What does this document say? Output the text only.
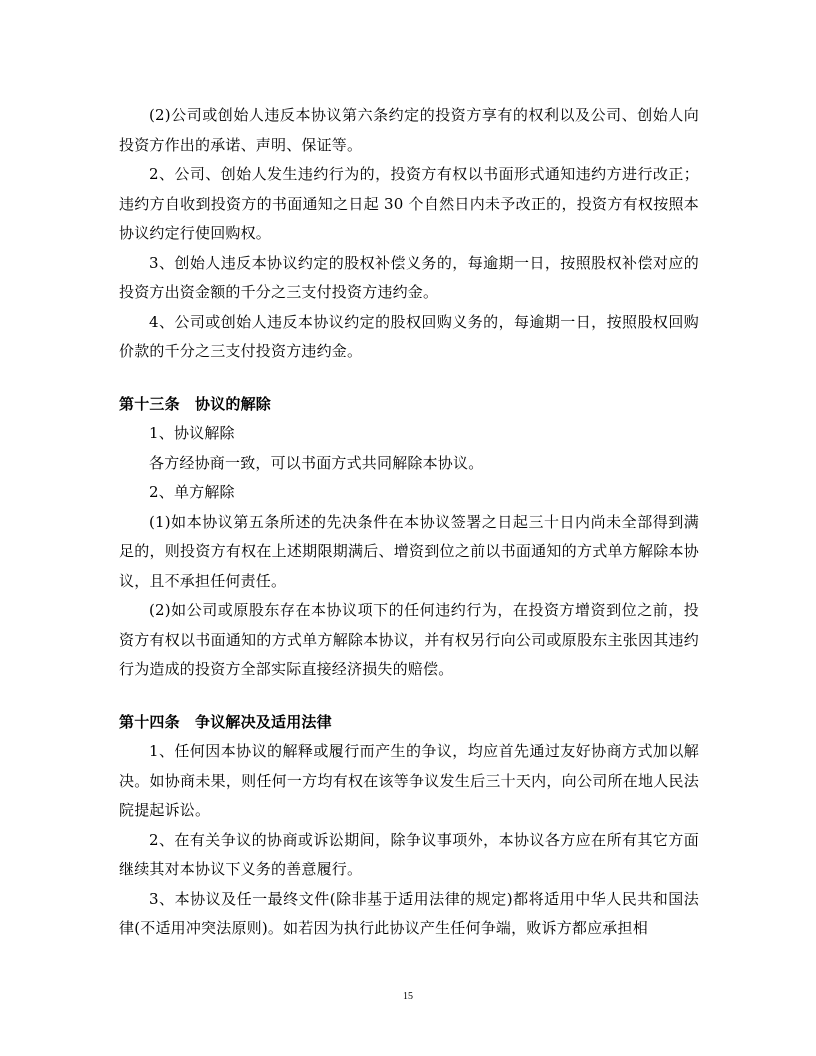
(2)公司或创始人违反本协议第六条约定的投资方享有的权利以及公司、创始人向投资方作出的承诺、声明、保证等。

2、公司、创始人发生违约行为的，投资方有权以书面形式通知违约方进行改正；违约方自收到投资方的书面通知之日起 30 个自然日内未予改正的，投资方有权按照本协议约定行使回购权。

3、创始人违反本协议约定的股权补偿义务的，每逾期一日，按照股权补偿对应的投资方出资金额的千分之三支付投资方违约金。

4、公司或创始人违反本协议约定的股权回购义务的，每逾期一日，按照股权回购价款的千分之三支付投资方违约金。

第十三条　协议的解除

1、协议解除

各方经协商一致，可以书面方式共同解除本协议。

2、单方解除

(1)如本协议第五条所述的先决条件在本协议签署之日起三十日内尚未全部得到满足的，则投资方有权在上述期限期满后、增资到位之前以书面通知的方式单方解除本协议，且不承担任何责任。

(2)如公司或原股东存在本协议项下的任何违约行为，在投资方增资到位之前，投资方有权以书面通知的方式单方解除本协议，并有权另行向公司或原股东主张因其违约行为造成的投资方全部实际直接经济损失的赔偿。

第十四条　争议解决及适用法律

1、任何因本协议的解释或履行而产生的争议，均应首先通过友好协商方式加以解决。如协商未果，则任何一方均有权在该等争议发生后三十天内，向公司所在地人民法院提起诉讼。

2、在有关争议的协商或诉讼期间，除争议事项外，本协议各方应在所有其它方面继续其对本协议下义务的善意履行。

3、本协议及任一最终文件(除非基于适用法律的规定)都将适用中华人民共和国法律(不适用冲突法原则)。如若因为执行此协议产生任何争端，败诉方都应承担相

15
